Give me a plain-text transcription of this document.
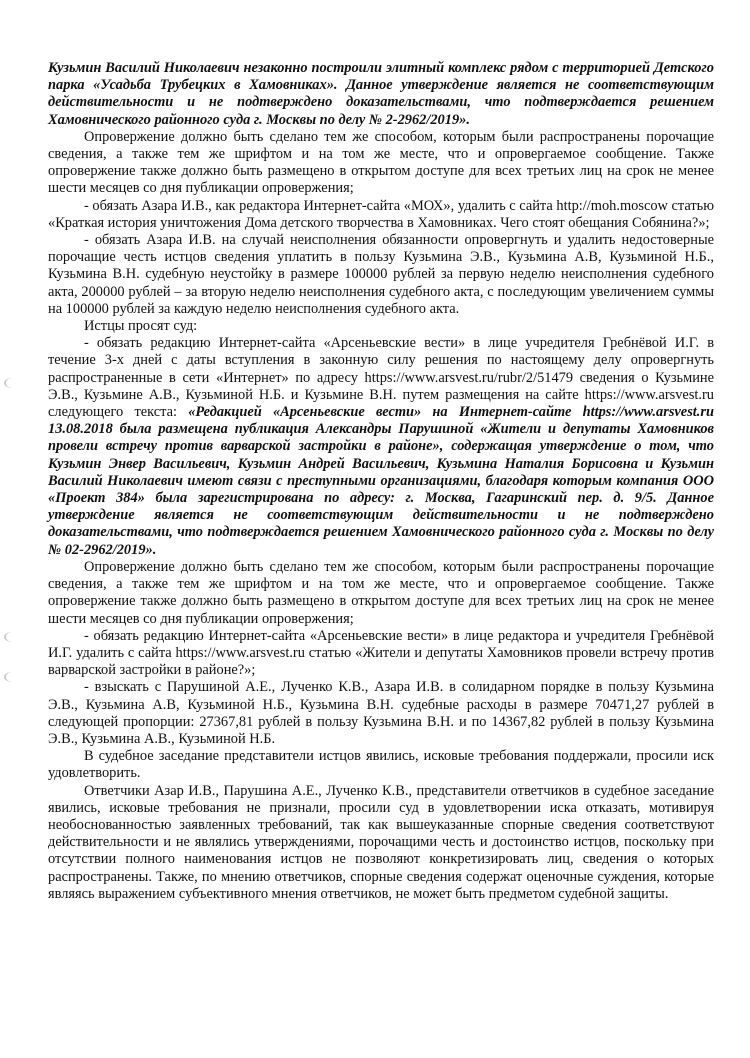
Кузьмин Василий Николаевич незаконно построили элитный комплекс рядом с территорией Детского парка «Усадьба Трубецких в Хамовниках». Данное утверждение является не соответствующим действительности и не подтверждено доказательствами, что подтверждается решением Хамовнического районного суда г. Москвы по делу № 2-2962/2019».

Опровержение должно быть сделано тем же способом, которым были распространены порочащие сведения, а также тем же шрифтом и на том же месте, что и опровергаемое сообщение. Также опровержение также должно быть размещено в открытом доступе для всех третьих лиц на срок не менее шести месяцев со дня публикации опровержения;

- обязать Азара И.В., как редактора Интернет-сайта «МОХ», удалить с сайта http://moh.moscow статью «Краткая история уничтожения Дома детского творчества в Хамовниках. Чего стоят обещания Собянина?»;

- обязать Азара И.В. на случай неисполнения обязанности опровергнуть и удалить недостоверные порочащие честь истцов сведения уплатить в пользу Кузьмина Э.В., Кузьмина А.В, Кузьминой Н.Б., Кузьмина В.Н. судебную неустойку в размере 100000 рублей за первую неделю неисполнения судебного акта, 200000 рублей – за вторую неделю неисполнения судебного акта, с последующим увеличением суммы на 100000 рублей за каждую неделю неисполнения судебного акта.

Истцы просят суд:

- обязать редакцию Интернет-сайта «Арсеньевские вести» в лице учредителя Гребнёвой И.Г. в течение 3-х дней с даты вступления в законную силу решения по настоящему делу опровергнуть распространенные в сети «Интернет» по адресу https://www.arsvest.ru/rubr/2/51479 сведения о Кузьмине Э.В., Кузьмине А.В., Кузьминой Н.Б. и Кузьмине В.Н. путем размещения на сайте https://www.arsvest.ru следующего текста: «Редакцией «Арсеньевские вести» на Интернет-сайте https://www.arsvest.ru 13.08.2018 была размещена публикация Александры Парушиной «Жители и депутаты Хамовников провели встречу против варварской застройки в районе», содержащая утверждение о том, что Кузьмин Энвер Васильевич, Кузьмин Андрей Васильевич, Кузьмина Наталия Борисовна и Кузьмин Василий Николаевич имеют связи с преступными организациями, благодаря которым компания ООО «Проект 384» была зарегистрирована по адресу: г. Москва, Гагаринский пер. д. 9/5. Данное утверждение является не соответствующим действительности и не подтверждено доказательствами, что подтверждается решением Хамовнического районного суда г. Москвы по делу № 02-2962/2019».

Опровержение должно быть сделано тем же способом, которым были распространены порочащие сведения, а также тем же шрифтом и на том же месте, что и опровергаемое сообщение. Также опровержение также должно быть размещено в открытом доступе для всех третьих лиц на срок не менее шести месяцев со дня публикации опровержения;

- обязать редакцию Интернет-сайта «Арсеньевские вести» в лице редактора и учредителя Гребнёвой И.Г. удалить с сайта https://www.arsvest.ru статью «Жители и депутаты Хамовников провели встречу против варварской застройки в районе?»;

- взыскать с Парушиной А.Е., Лученко К.В., Азара И.В. в солидарном порядке в пользу Кузьмина Э.В., Кузьмина А.В, Кузьминой Н.Б., Кузьмина В.Н. судебные расходы в размере 70471,27 рублей в следующей пропорции: 27367,81 рублей в пользу Кузьмина В.Н. и по 14367,82 рублей в пользу Кузьмина Э.В., Кузьмина А.В., Кузьминой Н.Б.

В судебное заседание представители истцов явились, исковые требования поддержали, просили иск удовлетворить.

Ответчики Азар И.В., Парушина А.Е., Лученко К.В., представители ответчиков в судебное заседание явились, исковые требования не признали, просили суд в удовлетворении иска отказать, мотивируя необоснованностью заявленных требований, так как вышеуказанные спорные сведения соответствуют действительности и не являлись утверждениями, порочащими честь и достоинство истцов, поскольку при отсутствии полного наименования истцов не позволяют конкретизировать лиц, сведения о которых распространены. Также, по мнению ответчиков, спорные сведения содержат оценочные суждения, которые являясь выражением субъективного мнения ответчиков, не может быть предметом судебной защиты.
